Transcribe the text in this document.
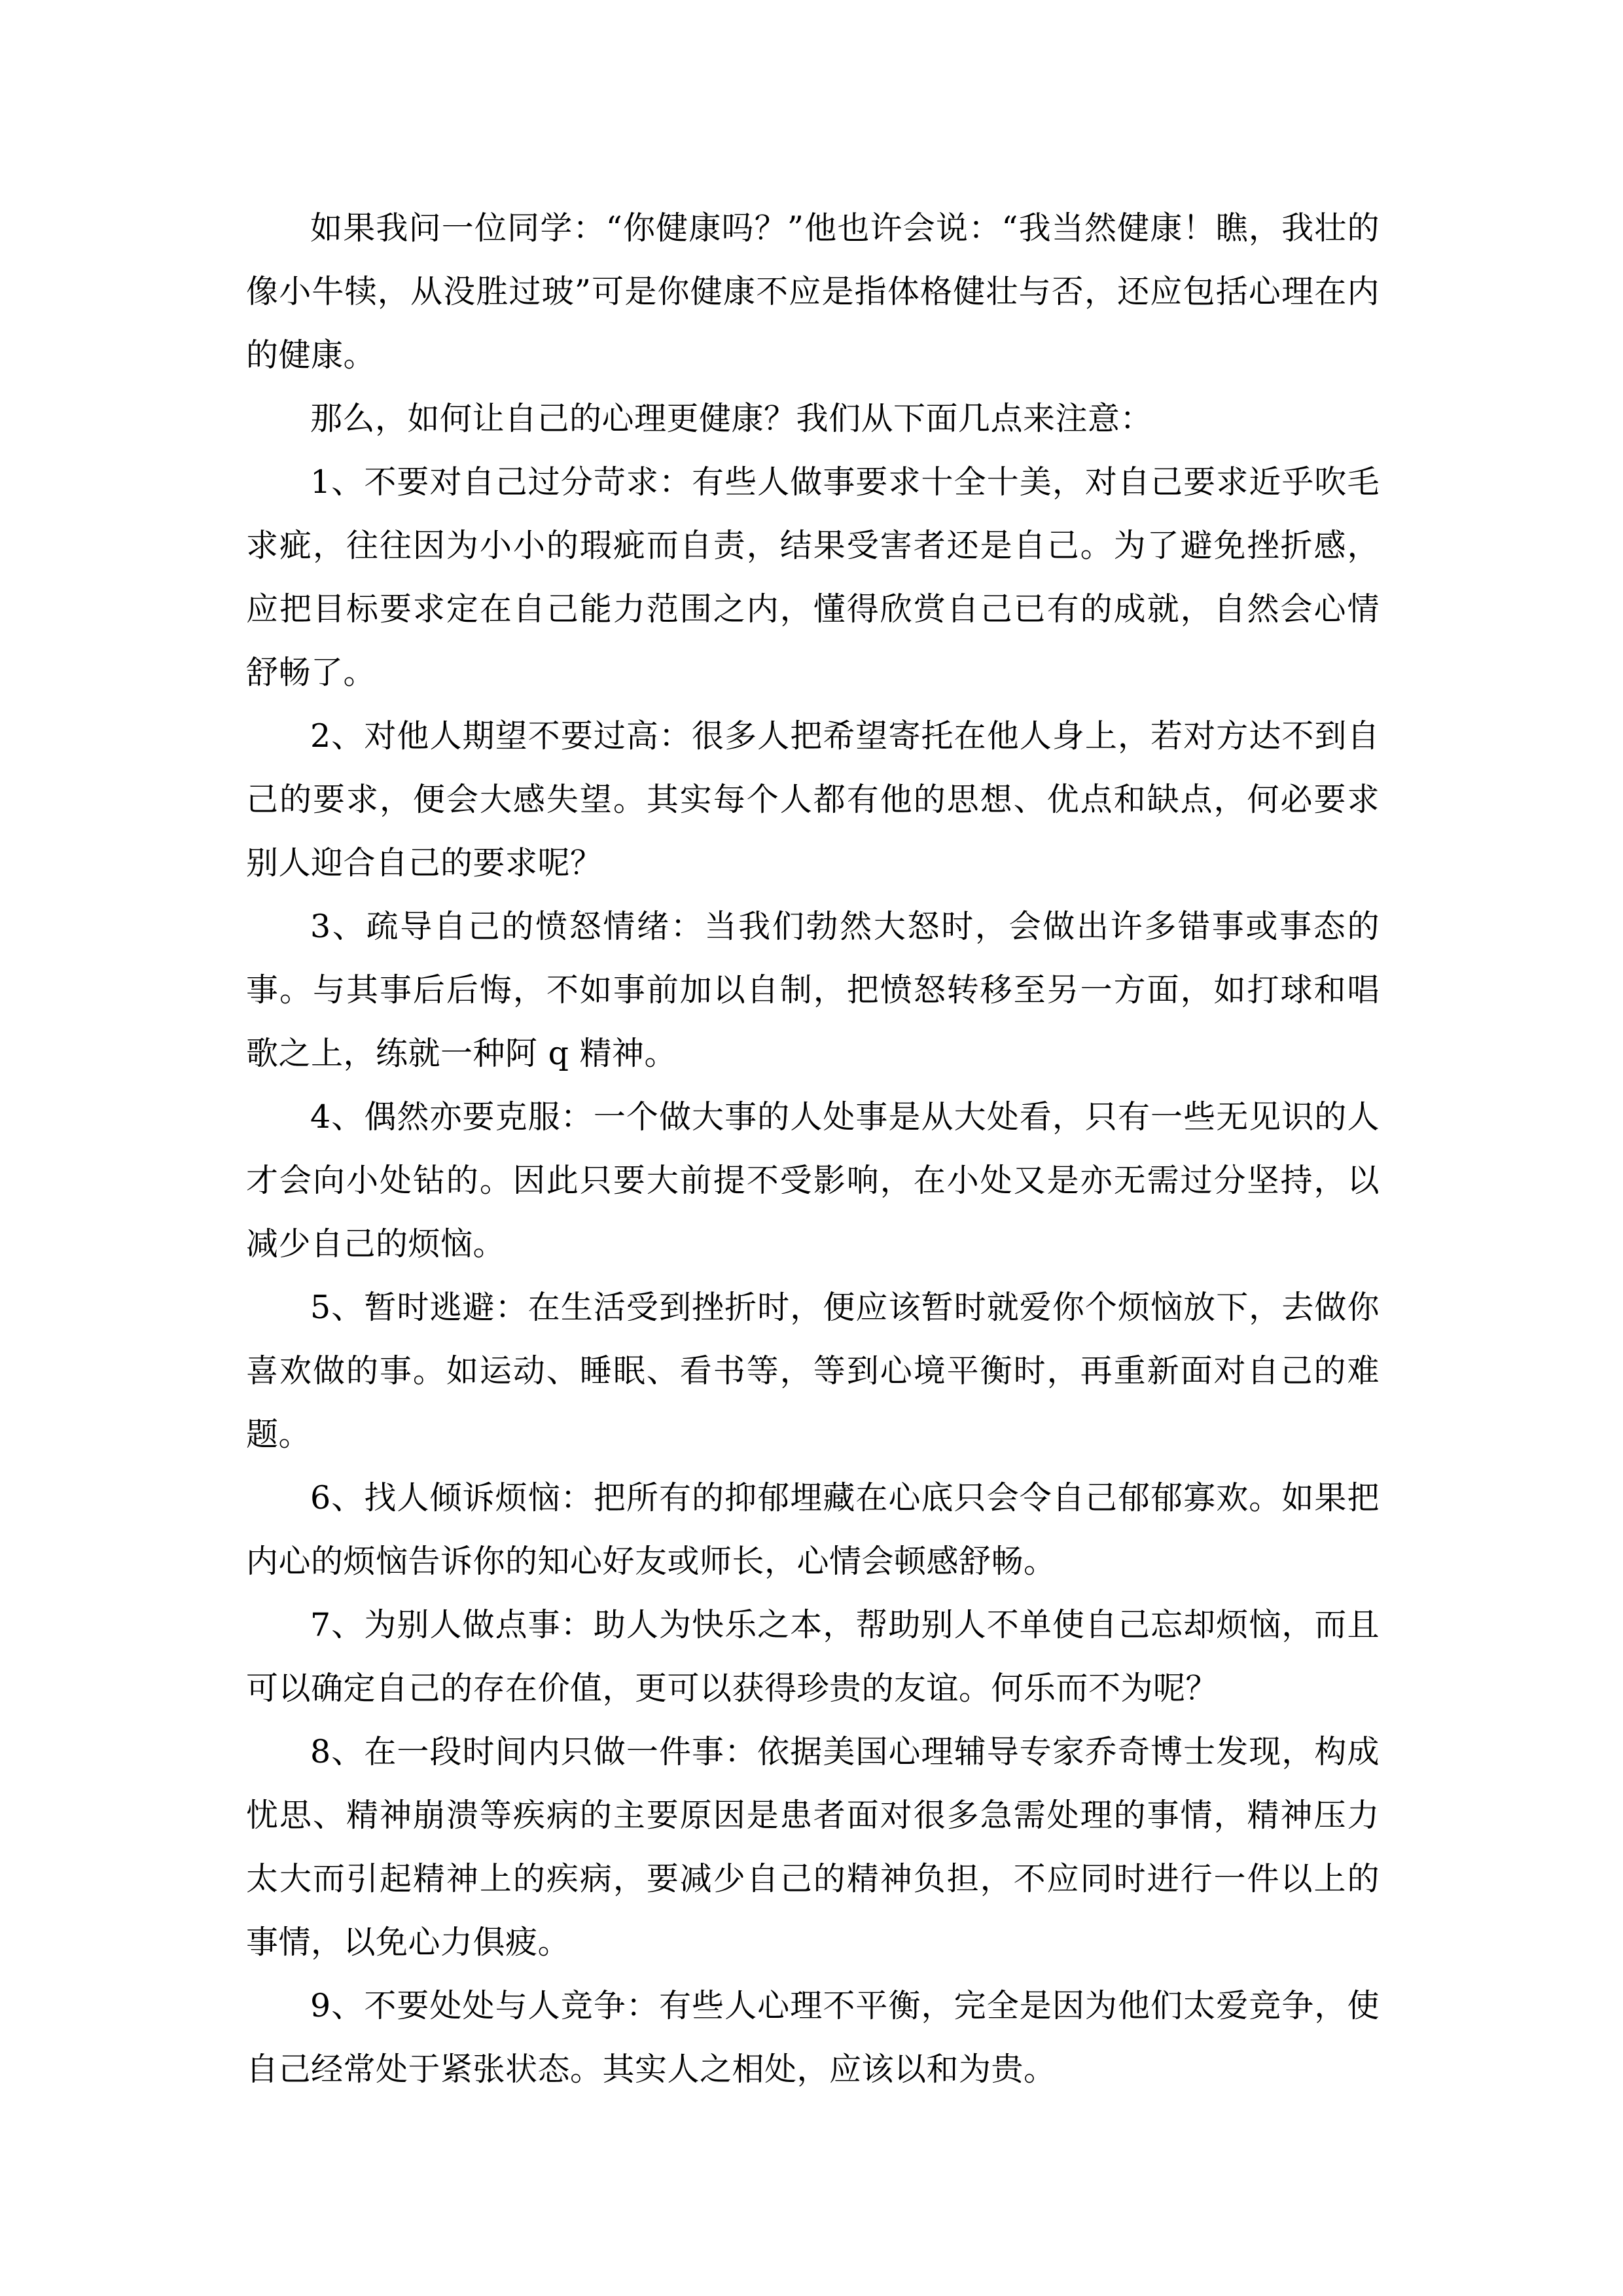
如果我问一位同学：“你健康吗？”他也许会说：“我当然健康！瞧，我壮的像小牛犊，从没胜过玻”可是你健康不应是指体格健壮与否，还应包括心理在内的健康。

那么，如何让自己的心理更健康？我们从下面几点来注意：

1、不要对自己过分苛求：有些人做事要求十全十美，对自己要求近乎吹毛求疵，往往因为小小的瑕疵而自责，结果受害者还是自己。为了避免挫折感，应把目标要求定在自己能力范围之内，懂得欣赏自己已有的成就，自然会心情舒畅了。

2、对他人期望不要过高：很多人把希望寄托在他人身上，若对方达不到自己的要求，便会大感失望。其实每个人都有他的思想、优点和缺点，何必要求别人迎合自己的要求呢？

3、疏导自己的愤怒情绪：当我们勃然大怒时，会做出许多错事或事态的事。与其事后后悔，不如事前加以自制，把愤怒转移至另一方面，如打球和唱歌之上，练就一种阿 q 精神。

4、偶然亦要克服：一个做大事的人处事是从大处看，只有一些无见识的人才会向小处钻的。因此只要大前提不受影响，在小处又是亦无需过分坚持，以减少自己的烦恼。

5、暂时逃避：在生活受到挫折时，便应该暂时就爱你个烦恼放下，去做你喜欢做的事。如运动、睡眠、看书等，等到心境平衡时，再重新面对自己的难题。

6、找人倾诉烦恼：把所有的抑郁埋藏在心底只会令自己郁郁寡欢。如果把内心的烦恼告诉你的知心好友或师长，心情会顿感舒畅。

7、为别人做点事：助人为快乐之本，帮助别人不单使自己忘却烦恼，而且可以确定自己的存在价值，更可以获得珍贵的友谊。何乐而不为呢？

8、在一段时间内只做一件事：依据美国心理辅导专家乔奇博士发现，构成忧思、精神崩溃等疾病的主要原因是患者面对很多急需处理的事情，精神压力太大而引起精神上的疾病，要减少自己的精神负担，不应同时进行一件以上的事情，以免心力俱疲。

9、不要处处与人竞争：有些人心理不平衡，完全是因为他们太爱竞争，使自己经常处于紧张状态。其实人之相处，应该以和为贵。
